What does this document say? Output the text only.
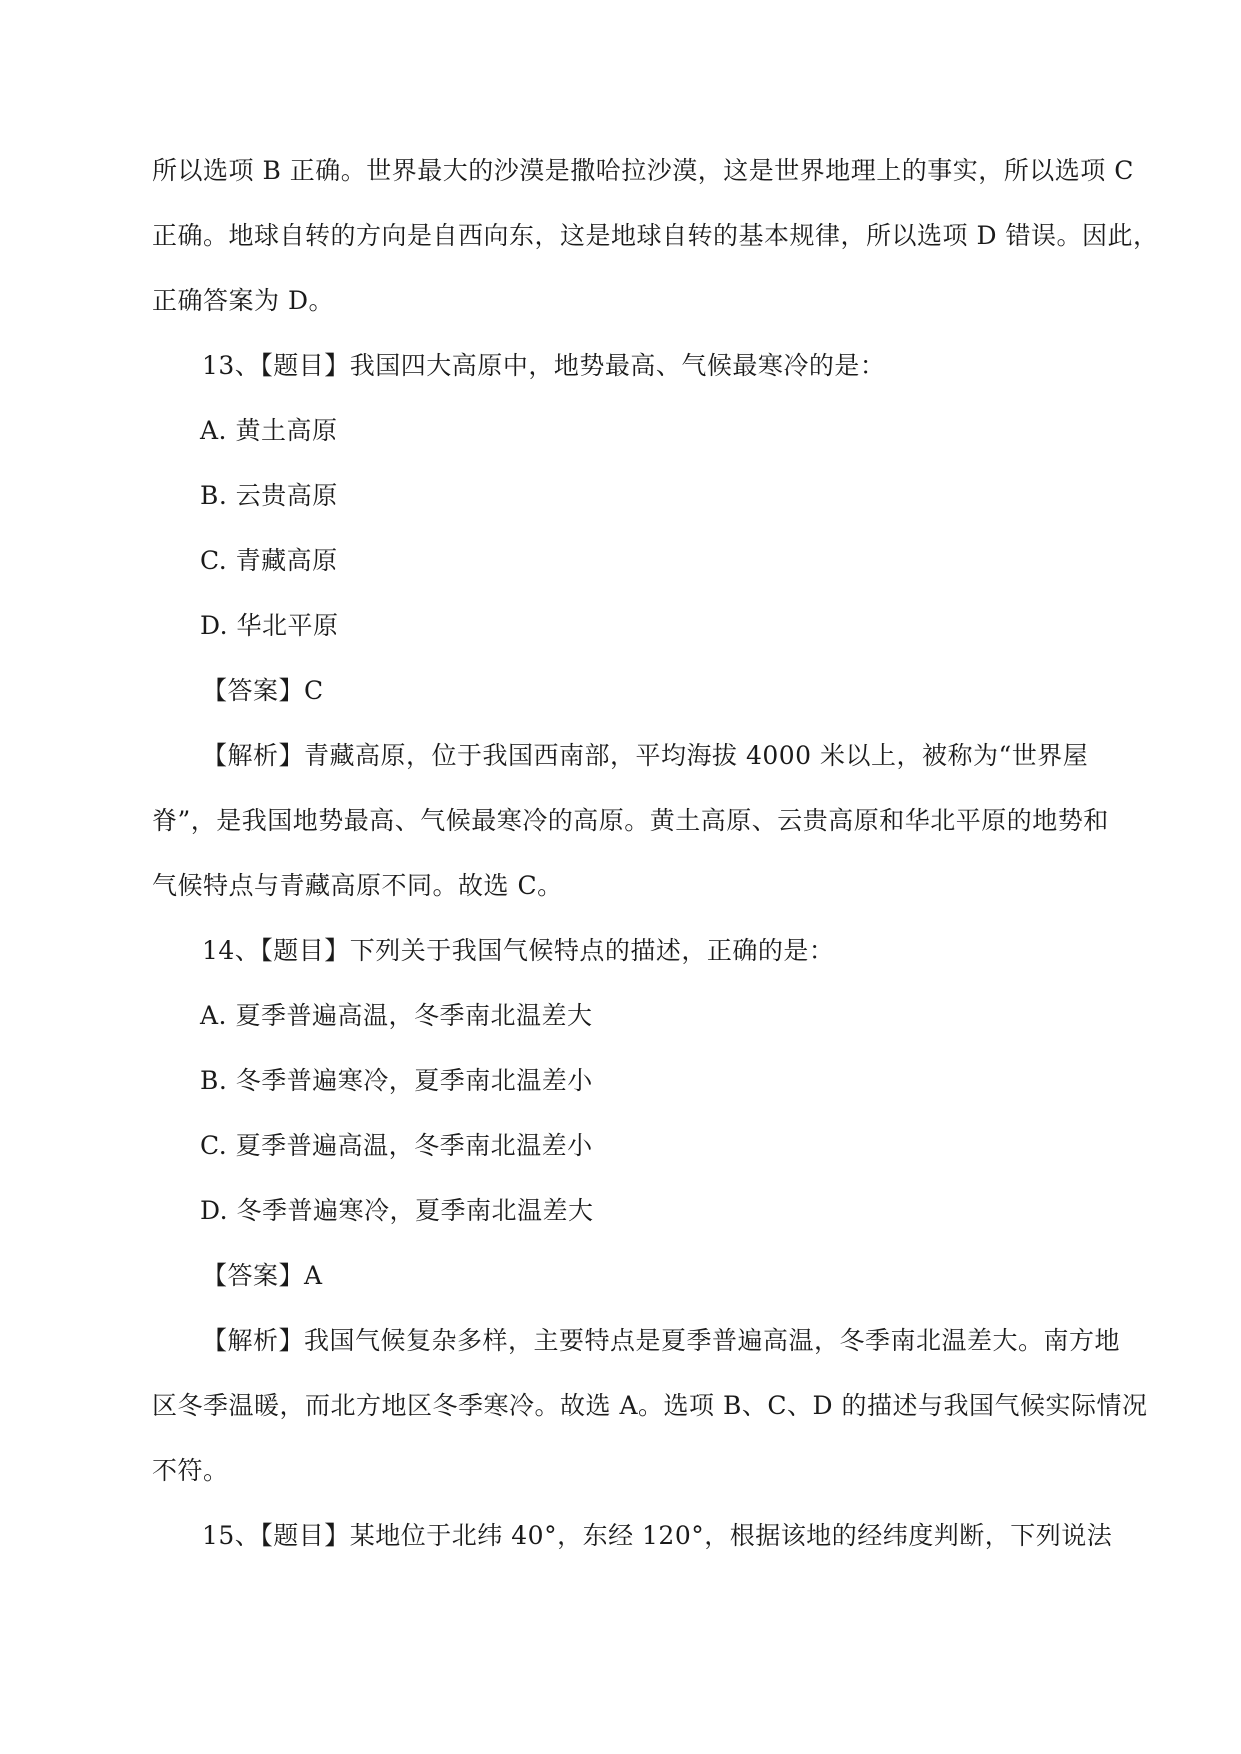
所以选项 B 正确。世界最大的沙漠是撒哈拉沙漠，这是世界地理上的事实，所以选项 C
正确。地球自转的方向是自西向东，这是地球自转的基本规律，所以选项 D 错误。因此，
正确答案为 D。
13、【题目】我国四大高原中，地势最高、气候最寒冷的是：
A. 黄土高原
B. 云贵高原
C. 青藏高原
D. 华北平原
【答案】C
【解析】青藏高原，位于我国西南部，平均海拔 4000 米以上，被称为“世界屋
脊”，是我国地势最高、气候最寒冷的高原。黄土高原、云贵高原和华北平原的地势和
气候特点与青藏高原不同。故选 C。
14、【题目】下列关于我国气候特点的描述，正确的是：
A. 夏季普遍高温，冬季南北温差大
B. 冬季普遍寒冷，夏季南北温差小
C. 夏季普遍高温，冬季南北温差小
D. 冬季普遍寒冷，夏季南北温差大
【答案】A
【解析】我国气候复杂多样，主要特点是夏季普遍高温，冬季南北温差大。南方地
区冬季温暖，而北方地区冬季寒冷。故选 A。选项 B、C、D 的描述与我国气候实际情况
不符。
15、【题目】某地位于北纬 40°，东经 120°，根据该地的经纬度判断，下列说法
